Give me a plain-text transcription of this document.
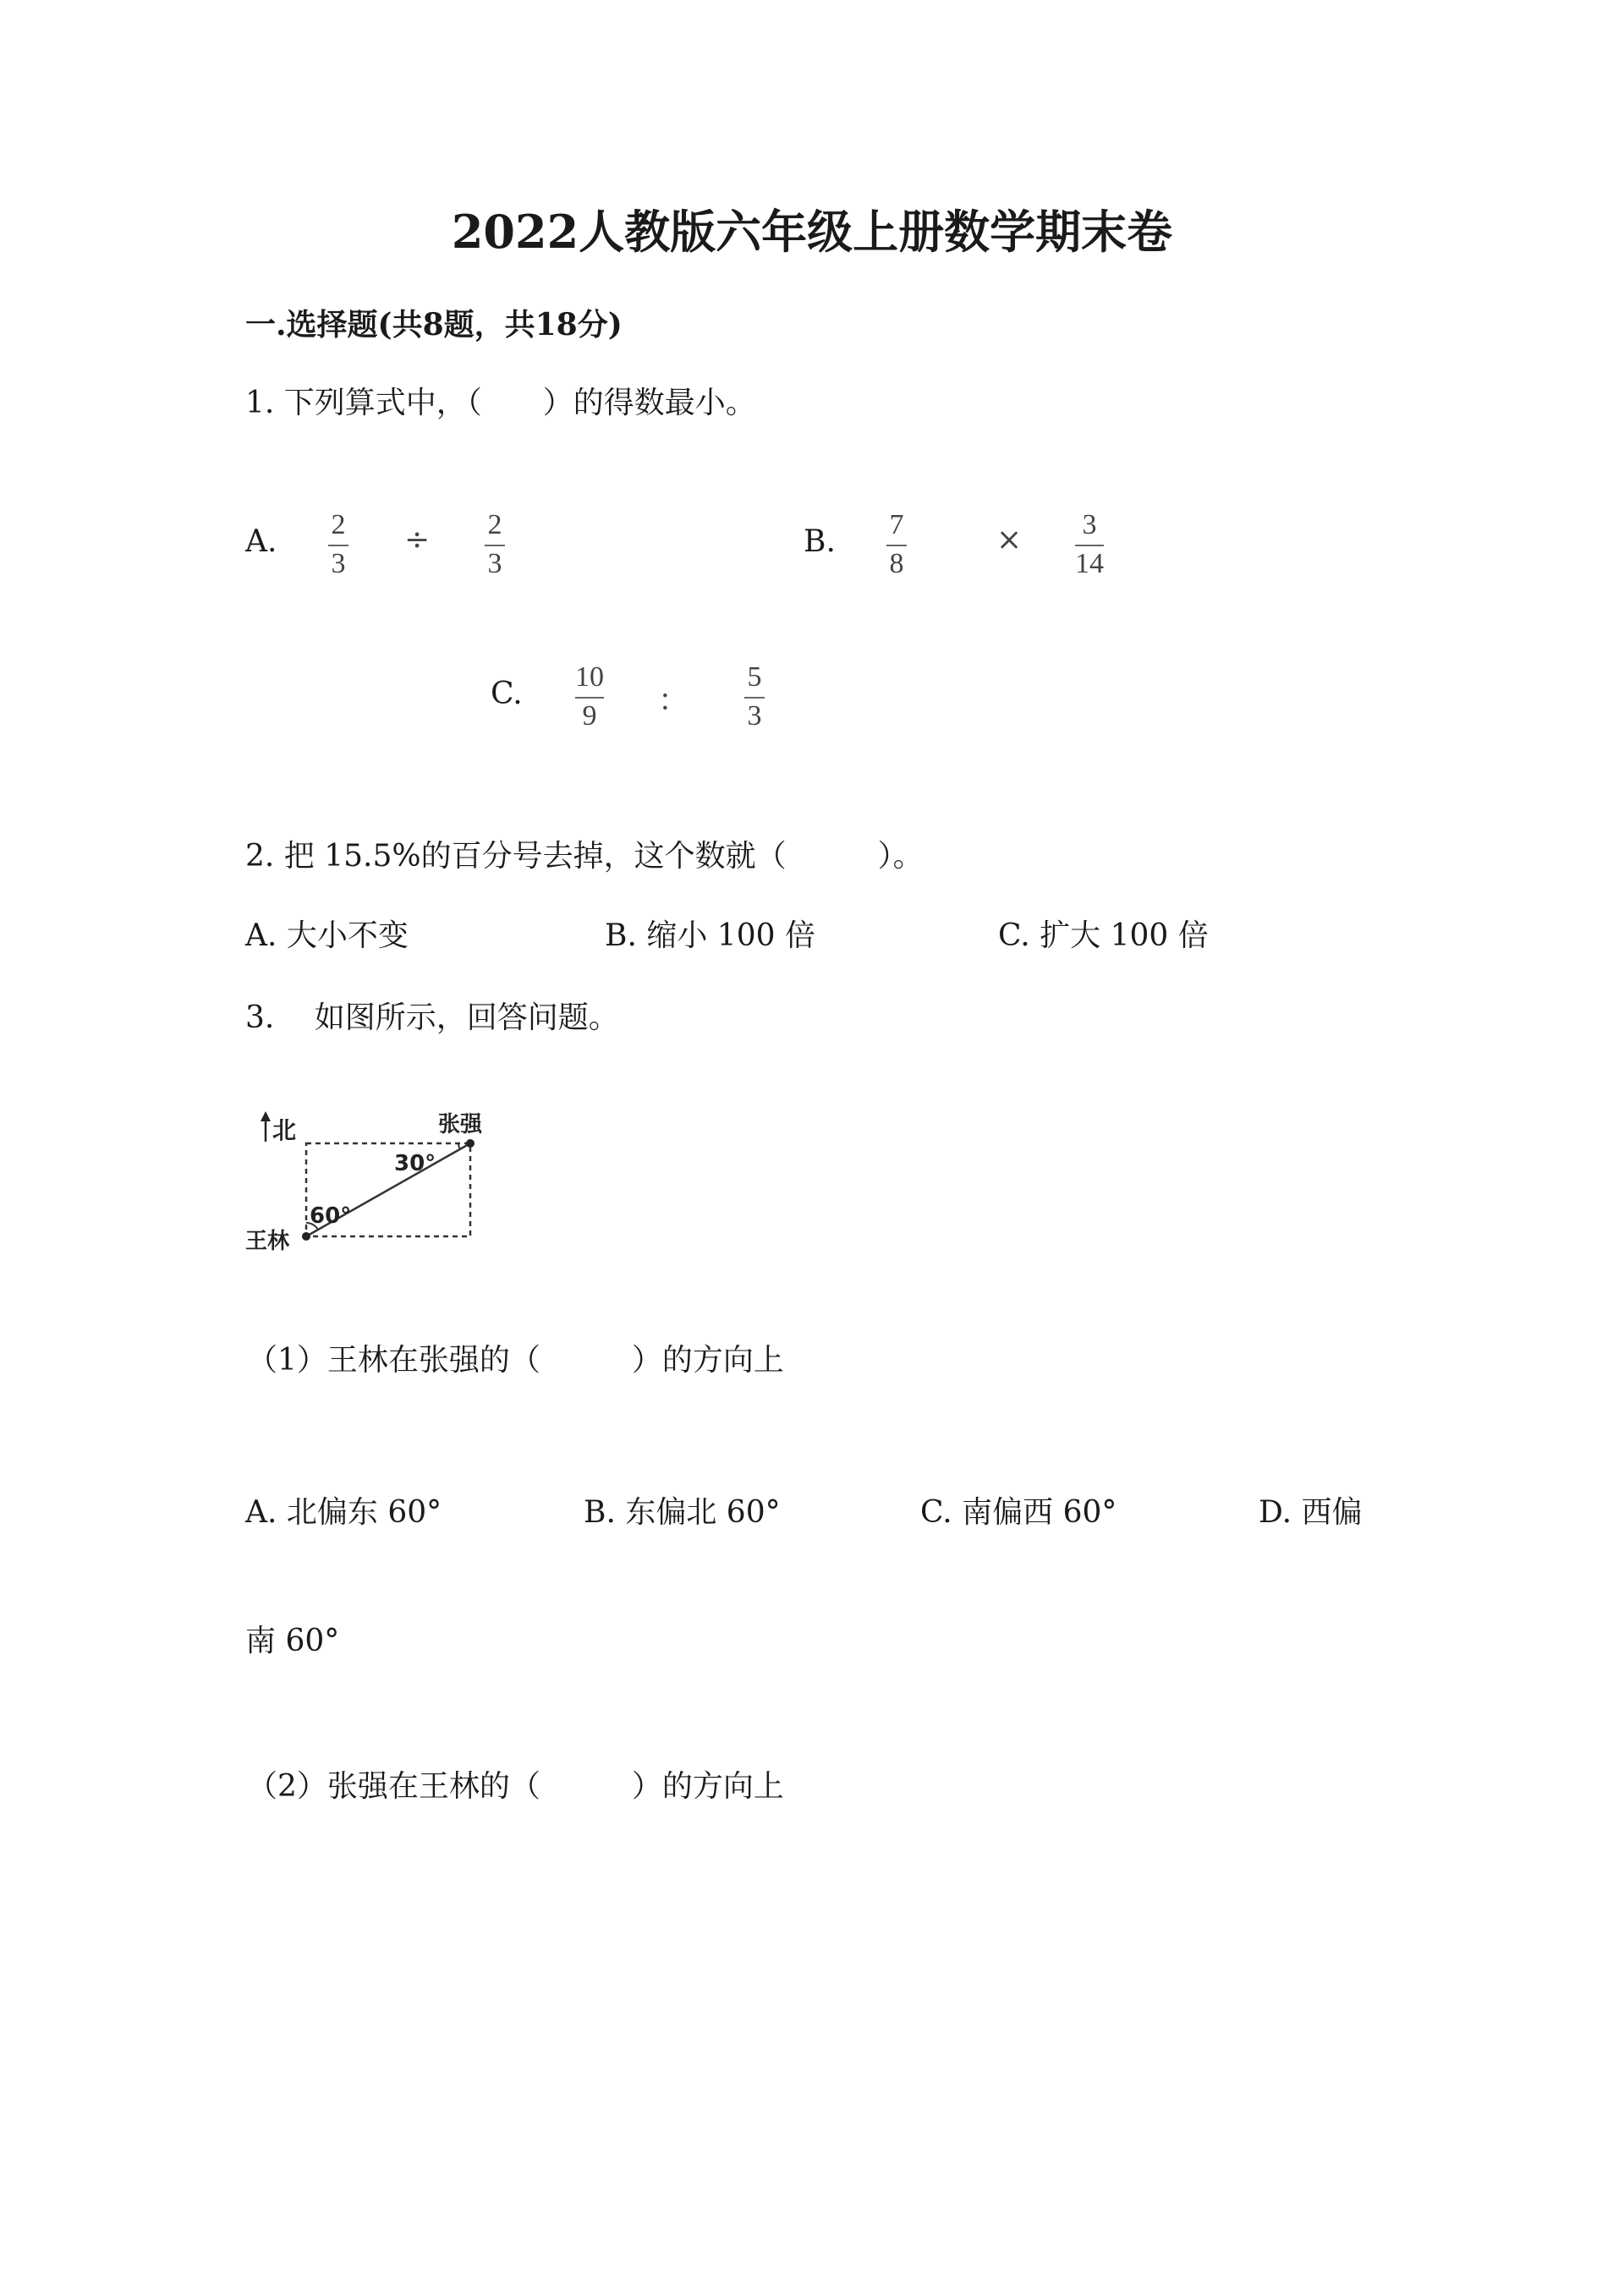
2022人教版六年级上册数学期末卷
一.选择题(共8题，共18分)
1. 下列算式中，（　　）的得数最小。
A. 2
3
÷ 2
3
B. 7
8
× 3
14
C. 10
9 ：
5
3
2. 把 15.5%的百分号去掉，这个数就（　　　）。
A. 大小不变	B. 缩小 100 倍	C. 扩大 100 倍
3.　 如图所示，回答问题。
北	张强
王林
30°
60°
（1）王林在张强的（　　　）的方向上
A. 北偏东 60°	B. 东偏北 60°	C. 南偏西 60°	D. 西偏
南 60°
（2）张强在王林的（　　　）的方向上
